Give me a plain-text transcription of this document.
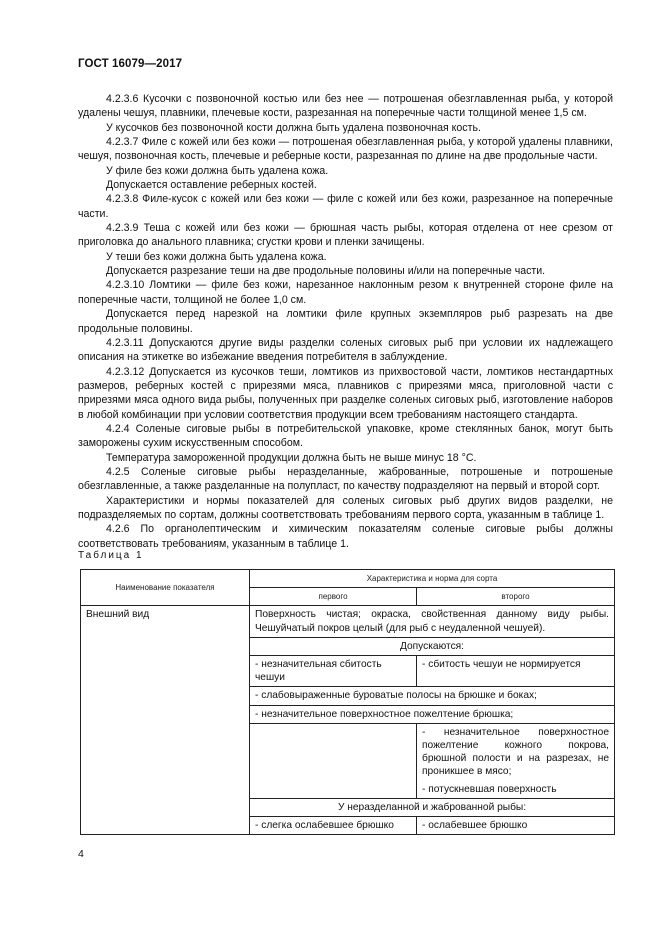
ГОСТ 16079—2017

4.2.3.6 Кусочки с позвоночной костью или без нее — потрошеная обезглавленная рыба, у которой удалены чешуя, плавники, плечевые кости, разрезанная на поперечные части толщиной менее 1,5 см.

У кусочков без позвоночной кости должна быть удалена позвоночная кость.

4.2.3.7 Филе с кожей или без кожи — потрошеная обезглавленная рыба, у которой удалены плавники, чешуя, позвоночная кость, плечевые и реберные кости, разрезанная по длине на две продольные части.

У филе без кожи должна быть удалена кожа.

Допускается оставление реберных костей.

4.2.3.8 Филе-кусок с кожей или без кожи — филе с кожей или без кожи, разрезанное на поперечные части.

4.2.3.9 Теша с кожей или без кожи — брюшная часть рыбы, которая отделена от нее срезом от приголовка до анального плавника; сгустки крови и пленки зачищены.

У теши без кожи должна быть удалена кожа.

Допускается разрезание теши на две продольные половины и/или на поперечные части.

4.2.3.10 Ломтики — филе без кожи, нарезанное наклонным резом к внутренней стороне филе на поперечные части, толщиной не более 1,0 см.

Допускается перед нарезкой на ломтики филе крупных экземпляров рыб разрезать на две продольные половины.

4.2.3.11 Допускаются другие виды разделки соленых сиговых рыб при условии их надлежащего описания на этикетке во избежание введения потребителя в заблуждение.

4.2.3.12 Допускается из кусочков теши, ломтиков из прихвостовой части, ломтиков нестандартных размеров, реберных костей с прирезями мяса, плавников с прирезями мяса, приголовной части с прирезями мяса одного вида рыбы, полученных при разделке соленых сиговых рыб, изготовление наборов в любой комбинации при условии соответствия продукции всем требованиям настоящего стандарта.

4.2.4 Соленые сиговые рыбы в потребительской упаковке, кроме стеклянных банок, могут быть заморожены сухим искусственным способом.

Температура замороженной продукции должна быть не выше минус 18 °С.

4.2.5 Соленые сиговые рыбы неразделанные, жаброванные, потрошеные и потрошеные обезглавленные, а также разделанные на полупласт, по качеству подразделяют на первый и второй сорт.

Характеристики и нормы показателей для соленых сиговых рыб других видов разделки, не подразделяемых по сортам, должны соответствовать требованиям первого сорта, указанным в таблице 1.

4.2.6 По органолептическим и химическим показателям соленые сиговые рыбы должны соответствовать требованиям, указанным в таблице 1.

Таблица 1
Наименование показателя	Характеристика и норма для сорта	
	первого	второго
Внешний вид	Поверхность чистая; окраска, свойственная данному виду рыбы. Чешуйчатый покров целый (для рыб с неудаленной чешуей).	
	Допускаются:	
	- незначительная сбитость чешуи	- сбитость чешуи не нормируется
	- слабовыраженные буроватые полосы на брюшке и боках;	
	- незначительное поверхностное пожелтение брюшка;	

		- незначительное поверхностное пожелтение кожного покрова, брюшной полости и на разрезах, не проникшее в мясо;
- потускневшая поверхность

	У неразделанной и жаброванной рыбы:	
	- слегка ослабевшее брюшко	- ослабевшее брюшко
4
